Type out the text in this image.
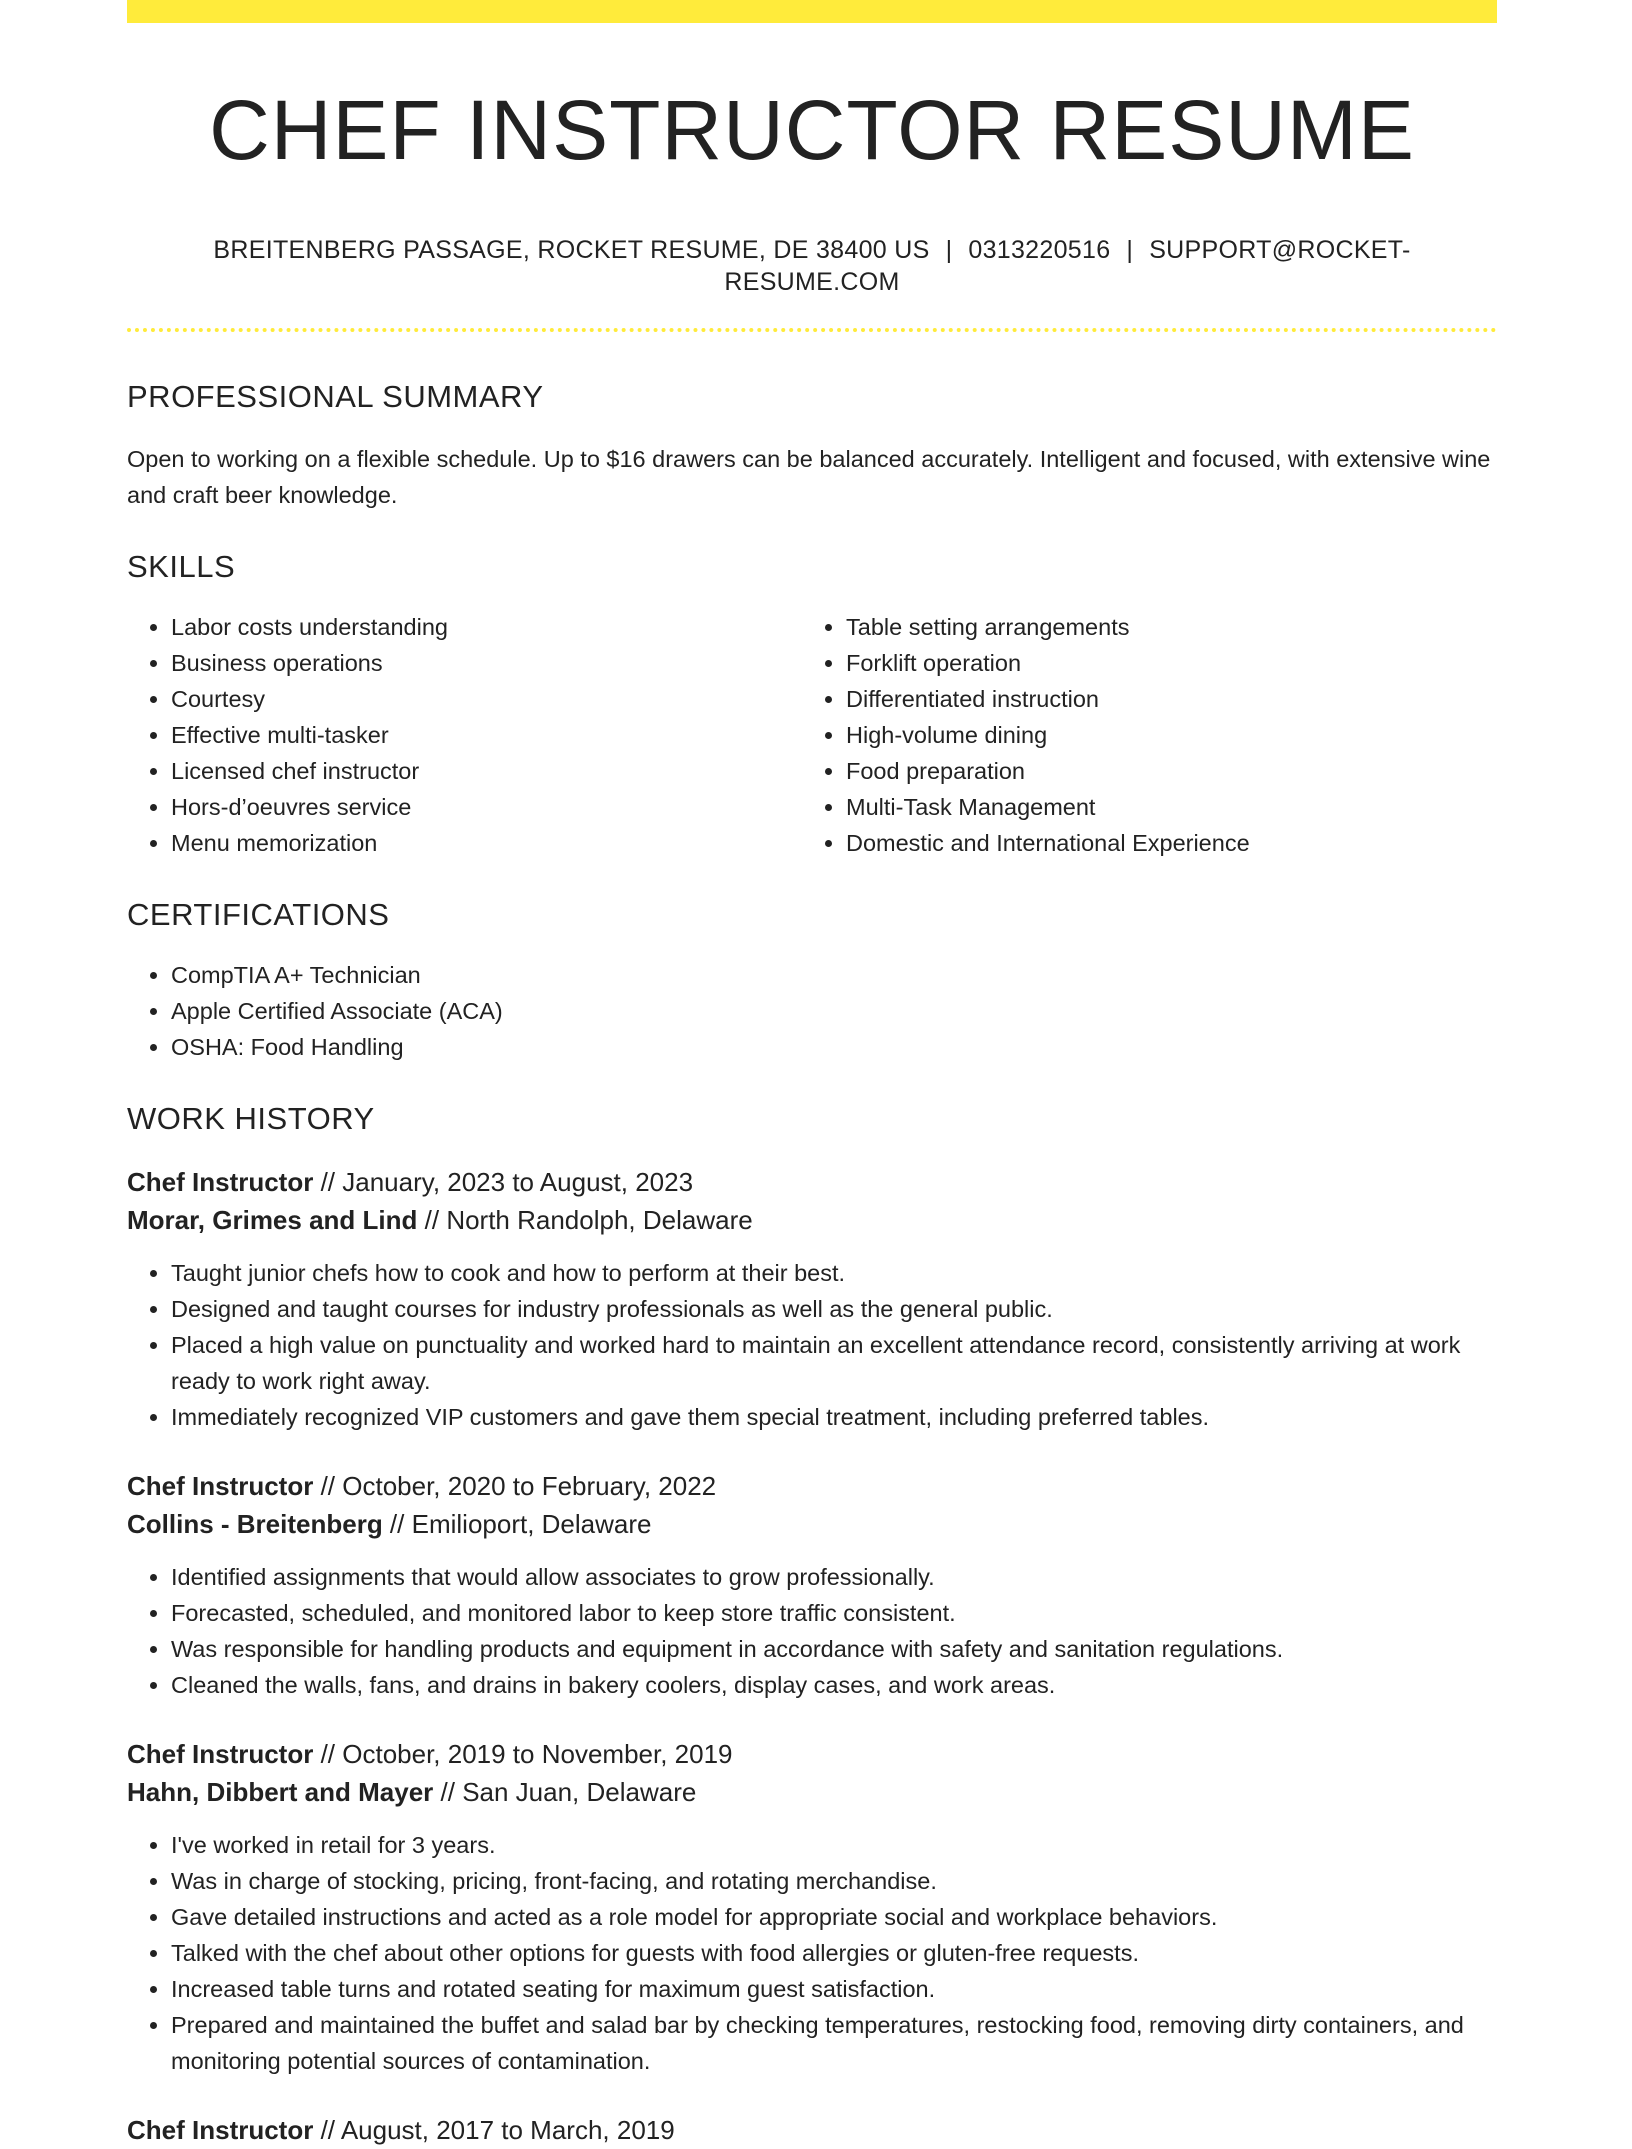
CHEF INSTRUCTOR RESUME
BREITENBERG PASSAGE, ROCKET RESUME, DE 38400 US | 0313220516 | SUPPORT@ROCKET-RESUME.COM
PROFESSIONAL SUMMARY

Open to working on a flexible schedule. Up to $16 drawers can be balanced accurately. Intelligent and focused, with extensive wine and craft beer knowledge.

SKILLS
• Labor costs understanding
• Business operations
• Courtesy
• Effective multi-tasker
• Licensed chef instructor
• Hors-d’oeuvres service
• Menu memorization
• Table setting arrangements
• Forklift operation
• Differentiated instruction
• High-volume dining
• Food preparation
• Multi-Task Management
• Domestic and International Experience
CERTIFICATIONS
• CompTIA A+ Technician
• Apple Certified Associate (ACA)
• OSHA: Food Handling
WORK HISTORY
Chef Instructor // January, 2023 to August, 2023
Morar, Grimes and Lind // North Randolph, Delaware
• Taught junior chefs how to cook and how to perform at their best.
• Designed and taught courses for industry professionals as well as the general public.
• Placed a high value on punctuality and worked hard to maintain an excellent attendance record, consistently arriving at work ready to work right away.
• Immediately recognized VIP customers and gave them special treatment, including preferred tables.
Chef Instructor // October, 2020 to February, 2022
Collins - Breitenberg // Emilioport, Delaware
• Identified assignments that would allow associates to grow professionally.
• Forecasted, scheduled, and monitored labor to keep store traffic consistent.
• Was responsible for handling products and equipment in accordance with safety and sanitation regulations.
• Cleaned the walls, fans, and drains in bakery coolers, display cases, and work areas.
Chef Instructor // October, 2019 to November, 2019
Hahn, Dibbert and Mayer // San Juan, Delaware
• I've worked in retail for 3 years.
• Was in charge of stocking, pricing, front-facing, and rotating merchandise.
• Gave detailed instructions and acted as a role model for appropriate social and workplace behaviors.
• Talked with the chef about other options for guests with food allergies or gluten-free requests.
• Increased table turns and rotated seating for maximum guest satisfaction.
• Prepared and maintained the buffet and salad bar by checking temperatures, restocking food, removing dirty containers, and monitoring potential sources of contamination.
Chef Instructor // August, 2017 to March, 2019
